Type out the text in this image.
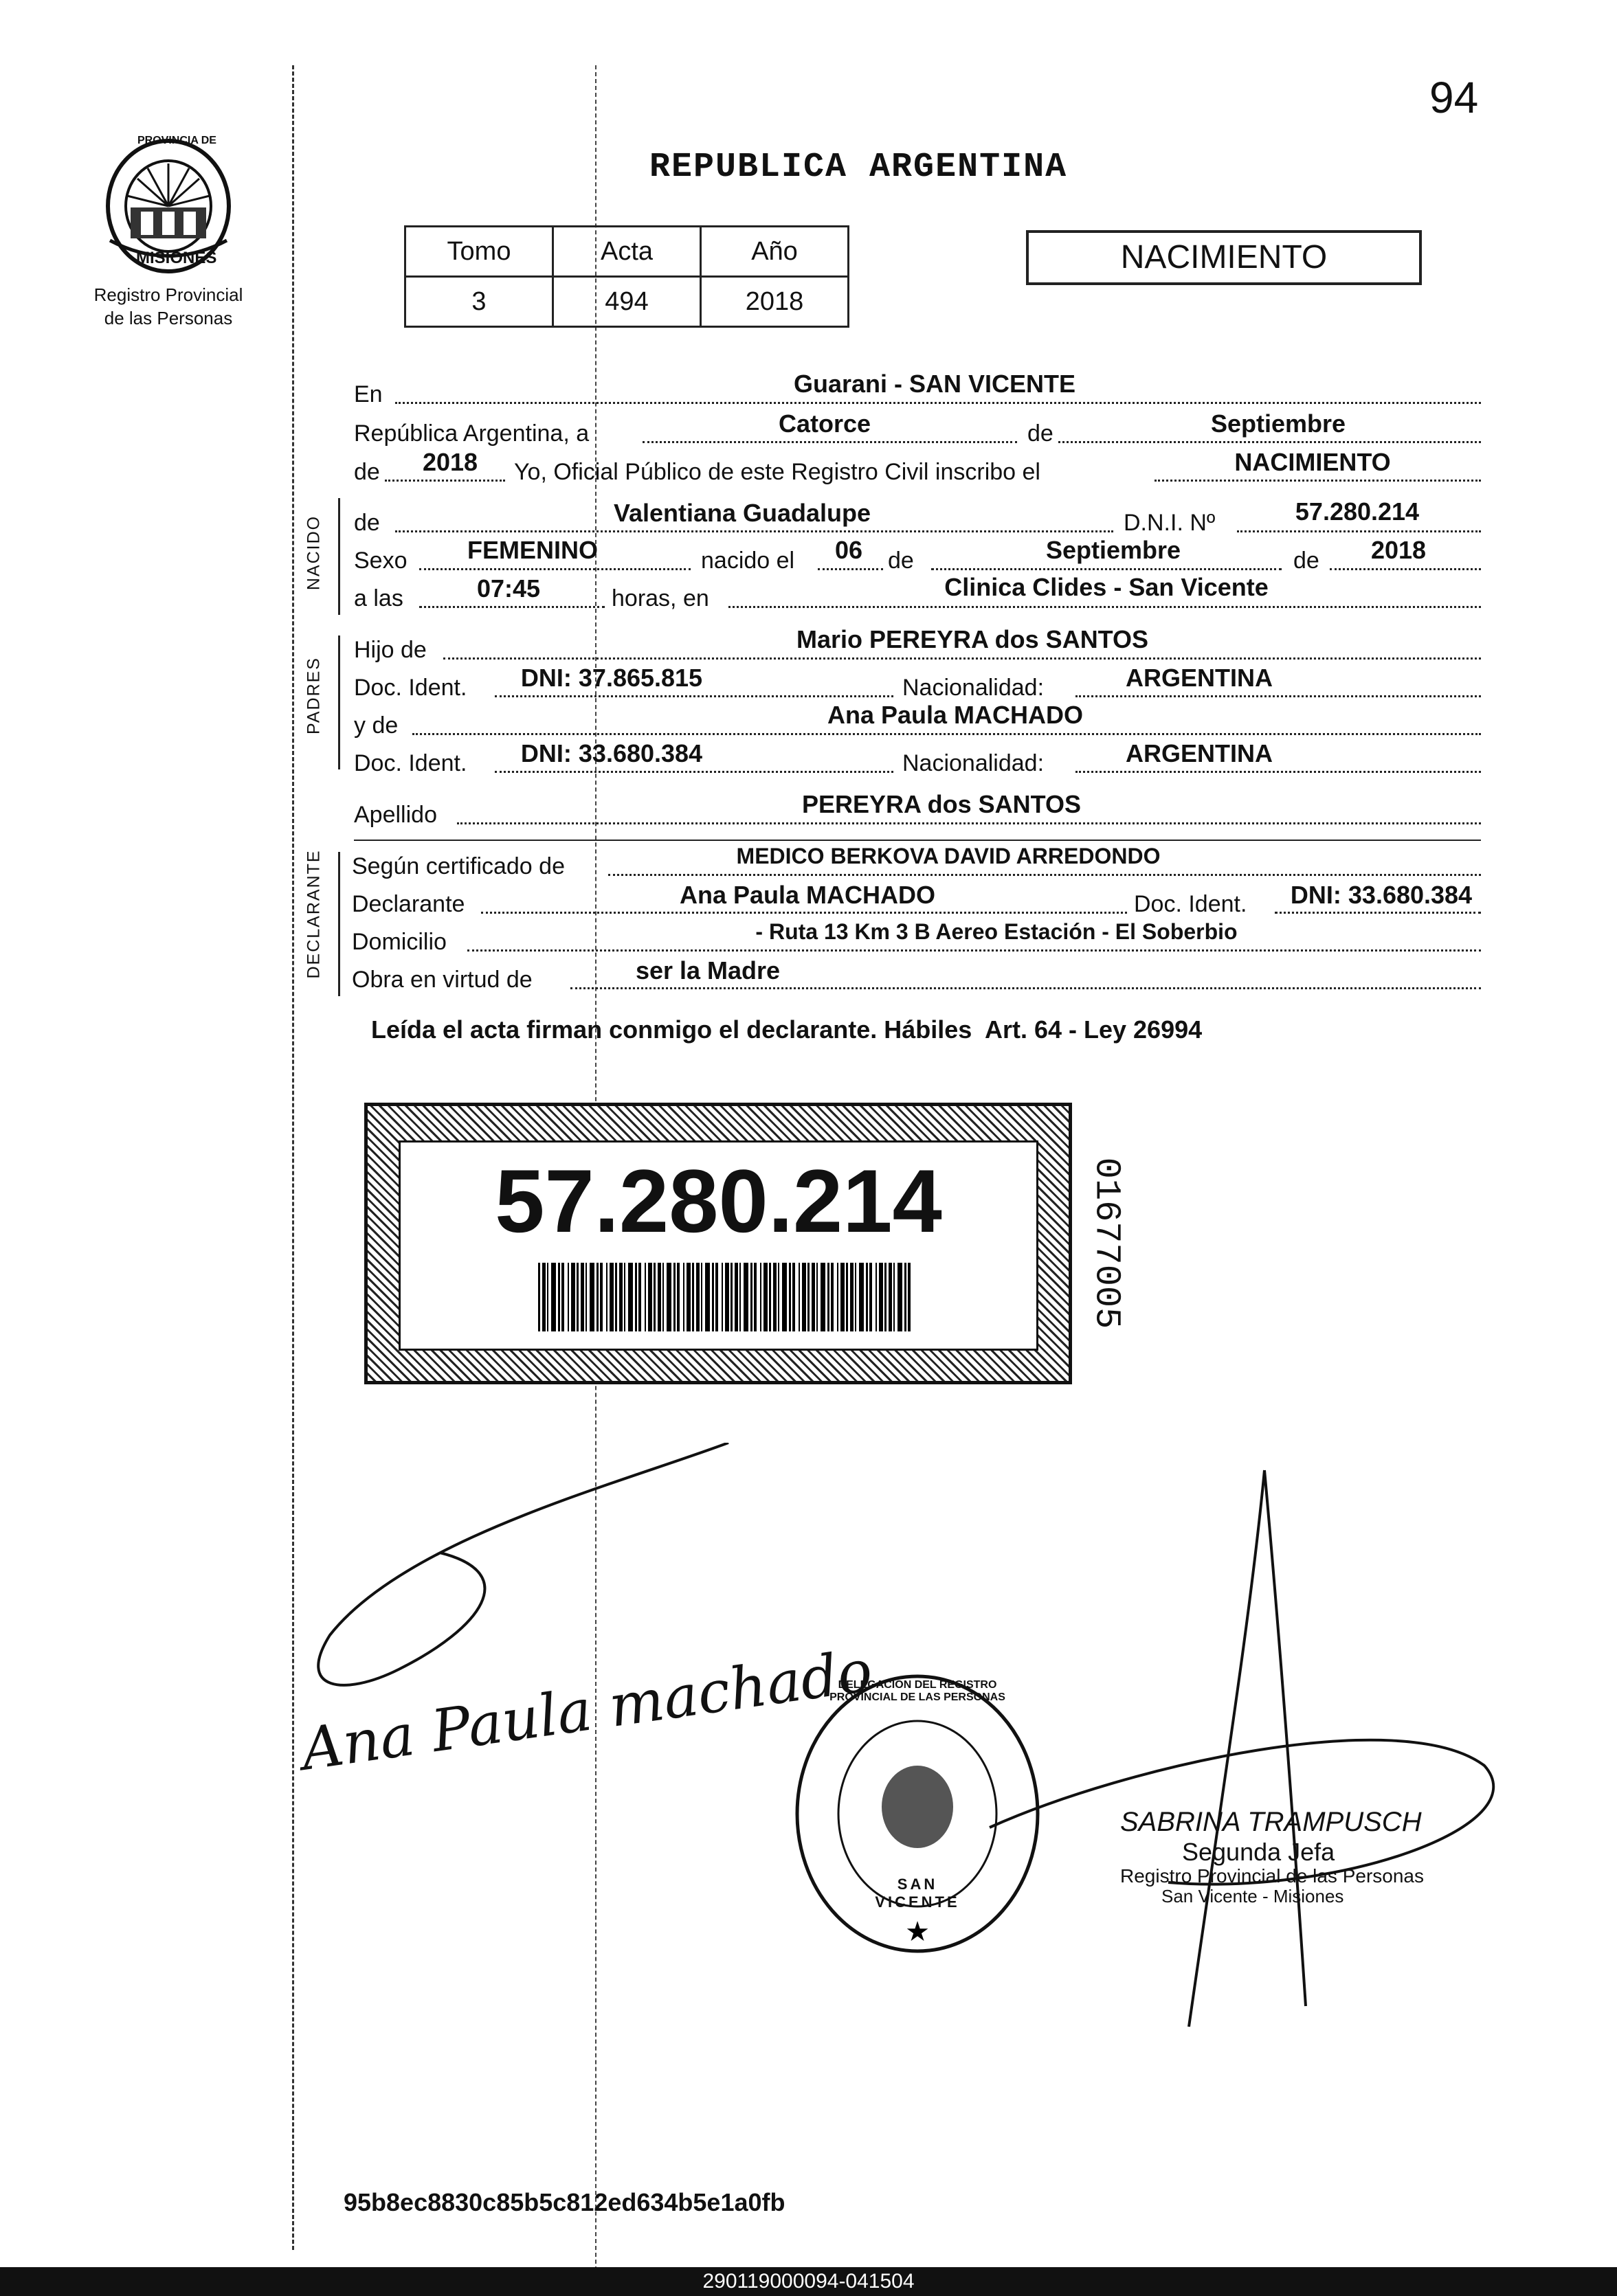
94
PROVINCIA DE
MISIONES
Registro Provincial
de las Personas
REPUBLICA ARGENTINA
Tomo	Acta	Año
3	494	2018
NACIMIENTO
En	Guarani - SAN VICENTE
República Argentina, a	Catorce	de	Septiembre
de	2018	Yo, Oficial Público de este Registro Civil inscribo el	NACIMIENTO
NACIDO de	Valentiana Guadalupe	D.N.I. Nº	57.280.214
Sexo	FEMENINO	nacido el	06	de	Septiembre	de	2018
a las	07:45	horas, en	Clinica Clides - San Vicente
PADRES
Hijo de	Mario PEREYRA dos SANTOS
Doc. Ident.	DNI: 37.865.815	Nacionalidad:	ARGENTINA
y de	Ana Paula MACHADO
Doc. Ident.	DNI: 33.680.384	Nacionalidad:	ARGENTINA
Apellido	PEREYRA dos SANTOS
DECLARANTE Según certificado de	MEDICO BERKOVA DAVID ARREDONDO
Declarante	Ana Paula MACHADO	Doc. Ident.	DNI: 33.680.384
Domicilio	- Ruta 13 Km 3 B Aereo Estación - El Soberbio
Obra en virtud de	ser la Madre
Leída el acta firman conmigo el declarante. Hábiles  Art. 64 - Ley 26994
57.280.214	01677005
Ana Paula machado
★
DELEGACION DEL REGISTRO PROVINCIAL DE LAS PERSONAS
SAN VICENTE
SABRINA TRAMPUSCH
Segunda Jefa
Registro Provincial de las Personas
San Vicente - Misiones
95b8ec8830c85b5c812ed634b5e1a0fb
290119000094-041504
